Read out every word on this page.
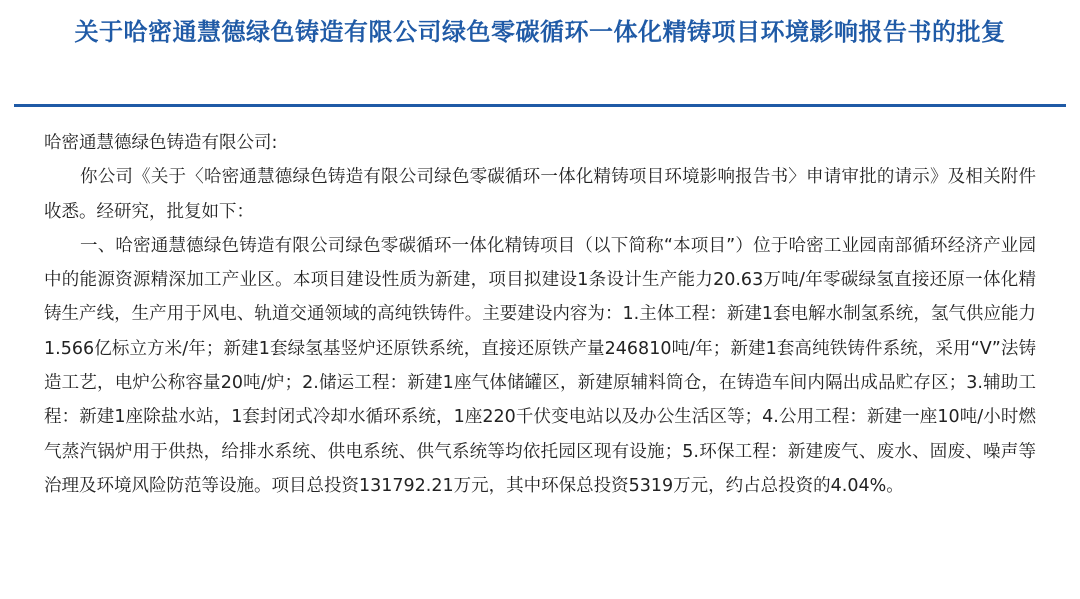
关于哈密通慧德绿色铸造有限公司绿色零碳循环一体化精铸项目环境影响报告书的批复

哈密通慧德绿色铸造有限公司:

你公司《关于〈哈密通慧德绿色铸造有限公司绿色零碳循环一体化精铸项目环境影响报告书〉申请审批的请示》及相关附件收悉。经研究，批复如下：

一、哈密通慧德绿色铸造有限公司绿色零碳循环一体化精铸项目（以下简称“本项目”）位于哈密工业园南部循环经济产业园中的能源资源精深加工产业区。本项目建设性质为新建，项目拟建设1条设计生产能力20.63万吨/年零碳绿氢直接还原一体化精铸生产线，生产用于风电、轨道交通领域的高纯铁铸件。主要建设内容为：1.主体工程：新建1套电解水制氢系统，氢气供应能力1.566亿标立方米/年；新建1套绿氢基竖炉还原铁系统，直接还原铁产量246810吨/年；新建1套高纯铁铸件系统，采用“V”法铸造工艺，电炉公称容量20吨/炉；2.储运工程：新建1座气体储罐区，新建原辅料筒仓，在铸造车间内隔出成品贮存区；3.辅助工程：新建1座除盐水站，1套封闭式冷却水循环系统，1座220千伏变电站以及办公生活区等；4.公用工程：新建一座10吨/小时燃气蒸汽锅炉用于供热，给排水系统、供电系统、供气系统等均依托园区现有设施；5.环保工程：新建废气、废水、固废、噪声等治理及环境风险防范等设施。项目总投资131792.21万元，其中环保总投资5319万元，约占总投资的4.04%。
